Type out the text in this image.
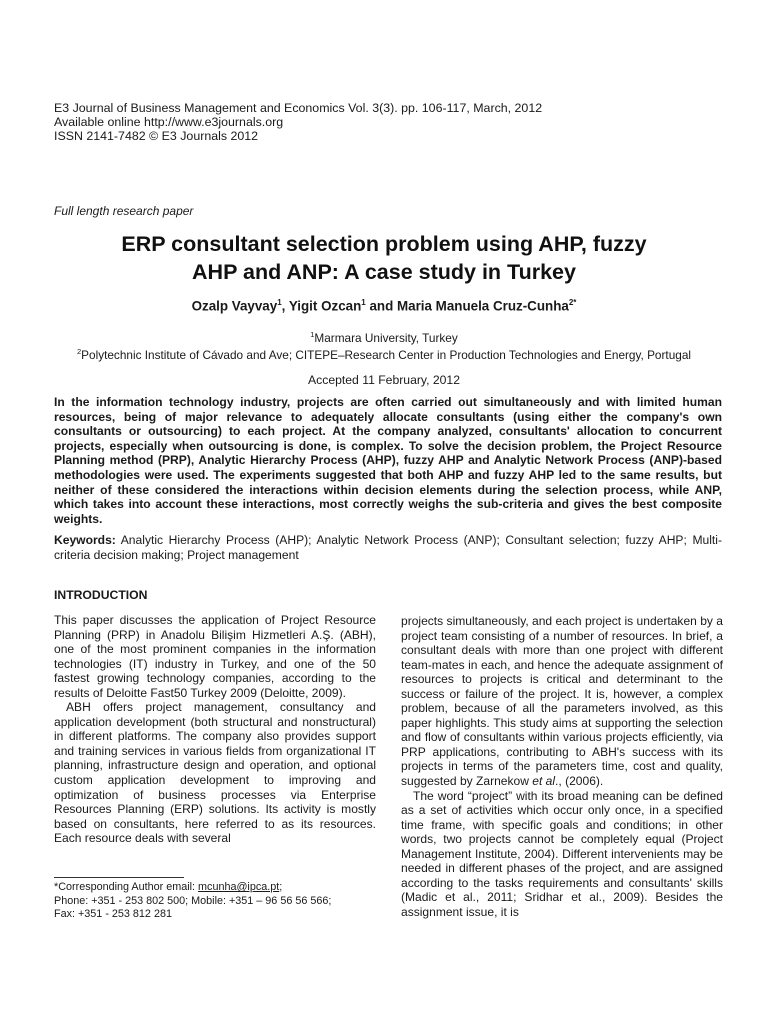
E3 Journal of Business Management and Economics Vol. 3(3). pp. 106-117, March, 2012
Available online http://www.e3journals.org
ISSN 2141-7482 © E3 Journals 2012
Full length research paper
ERP consultant selection problem using AHP, fuzzy
AHP and ANP: A case study in Turkey
Ozalp Vayvay$^1$, Yigit Ozcan$^1$ and Maria Manuela Cruz-Cunha$^{2*}$
$^1$Marmara University, Turkey
$^2$Polytechnic Institute of Cávado and Ave; CITEPE–Research Center in Production Technologies and Energy, Portugal
Accepted 11 February, 2012
In the information technology industry, projects are often carried out simultaneously and with limited human resources, being of major relevance to adequately allocate consultants (using either the company's own consultants or outsourcing) to each project. At the company analyzed, consultants' allocation to concurrent projects, especially when outsourcing is done, is complex. To solve the decision problem, the Project Resource Planning method (PRP), Analytic Hierarchy Process (AHP), fuzzy AHP and Analytic Network Process (ANP)-based methodologies were used. The experiments suggested that both AHP and fuzzy AHP led to the same results, but neither of these considered the interactions within decision elements during the selection process, while ANP, which takes into account these interactions, most correctly weighs the sub-criteria and gives the best composite weights.
Keywords: Analytic Hierarchy Process (AHP); Analytic Network Process (ANP); Consultant selection; fuzzy AHP; Multi-criteria decision making; Project management
INTRODUCTION

This paper discusses the application of Project Resource Planning (PRP) in Anadolu Bilişim Hizmetleri A.Ş. (ABH), one of the most prominent companies in the information technologies (IT) industry in Turkey, and one of the 50 fastest growing technology companies, according to the results of Deloitte Fast50 Turkey 2009 (Deloitte, 2009).

ABH offers project management, consultancy and application development (both structural and nonstructural) in different platforms. The company also provides support and training services in various fields from organizational IT planning, infrastructure design and operation, and optional custom application development to improving and optimization of business processes via Enterprise Resources Planning (ERP) solutions. Its activity is mostly based on consultants, here referred to as its resources. Each resource deals with several

projects simultaneously, and each project is undertaken by a project team consisting of a number of resources. In brief, a consultant deals with more than one project with different team-mates in each, and hence the adequate assignment of resources to projects is critical and determinant to the success or failure of the project. It is, however, a complex problem, because of all the parameters involved, as this paper highlights. This study aims at supporting the selection and flow of consultants within various projects efficiently, via PRP applications, contributing to ABH's success with its projects in terms of the parameters time, cost and quality, suggested by Zarnekow et al., (2006).

The word “project” with its broad meaning can be defined as a set of activities which occur only once, in a specified time frame, with specific goals and conditions; in other words, two projects cannot be completely equal (Project Management Institute, 2004). Different intervenients may be needed in different phases of the project, and are assigned according to the tasks requirements and consultants' skills (Madic et al., 2011; Sridhar et al., 2009). Besides the assignment issue, it is

*Corresponding Author email: mcunha@ipca.pt;
Phone: +351 - 253 802 500; Mobile: +351 – 96 56 56 566;
Fax: +351 - 253 812 281
